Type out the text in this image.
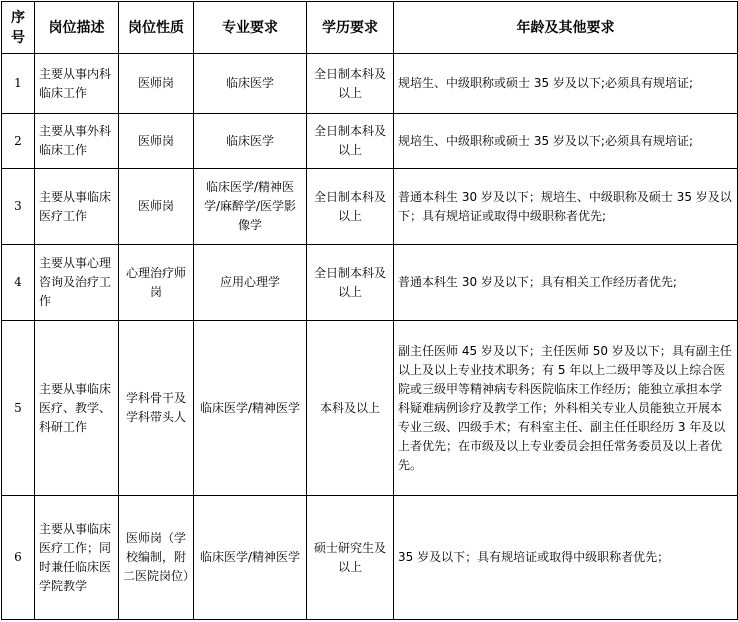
序号	岗位描述	岗位性质	专业要求	学历要求	年龄及其他要求
1	主要从事内科临床工作	医师岗	临床医学	全日制本科及以上	规培生、中级职称或硕士 35 岁及以下;必须具有规培证;
2	主要从事外科临床工作	医师岗	临床医学	全日制本科及以上	规培生、中级职称或硕士 35 岁及以下;必须具有规培证;
3	主要从事临床医疗工作	医师岗	临床医学/精神医学/麻醉学/医学影像学	全日制本科及以上	普通本科生 30 岁及以下；规培生、中级职称及硕士 35 岁及以下；具有规培证或取得中级职称者优先;
4	主要从事心理咨询及治疗工作	心理治疗师岗	应用心理学	全日制本科及以上	普通本科生 30 岁及以下；具有相关工作经历者优先;
5	主要从事临床医疗、教学、科研工作	学科骨干及学科带头人	临床医学/精神医学	本科及以上	副主任医师 45 岁及以下；主任医师 50 岁及以下；具有副主任以上及以上专业技术职务；有 5 年以上二级甲等及以上综合医院或三级甲等精神病专科医院临床工作经历；能独立承担本学科疑难病例诊疗及教学工作；外科相关专业人员能独立开展本专业三级、四级手术；有科室主任、副主任任职经历 3 年及以上者优先；在市级及以上专业委员会担任常务委员及以上者优先。
6	主要从事临床医疗工作；同时兼任临床医学院教学	医师岗（学校编制，附二医院岗位）	临床医学/精神医学	硕士研究生及以上	35 岁及以下；具有规培证或取得中级职称者优先；
